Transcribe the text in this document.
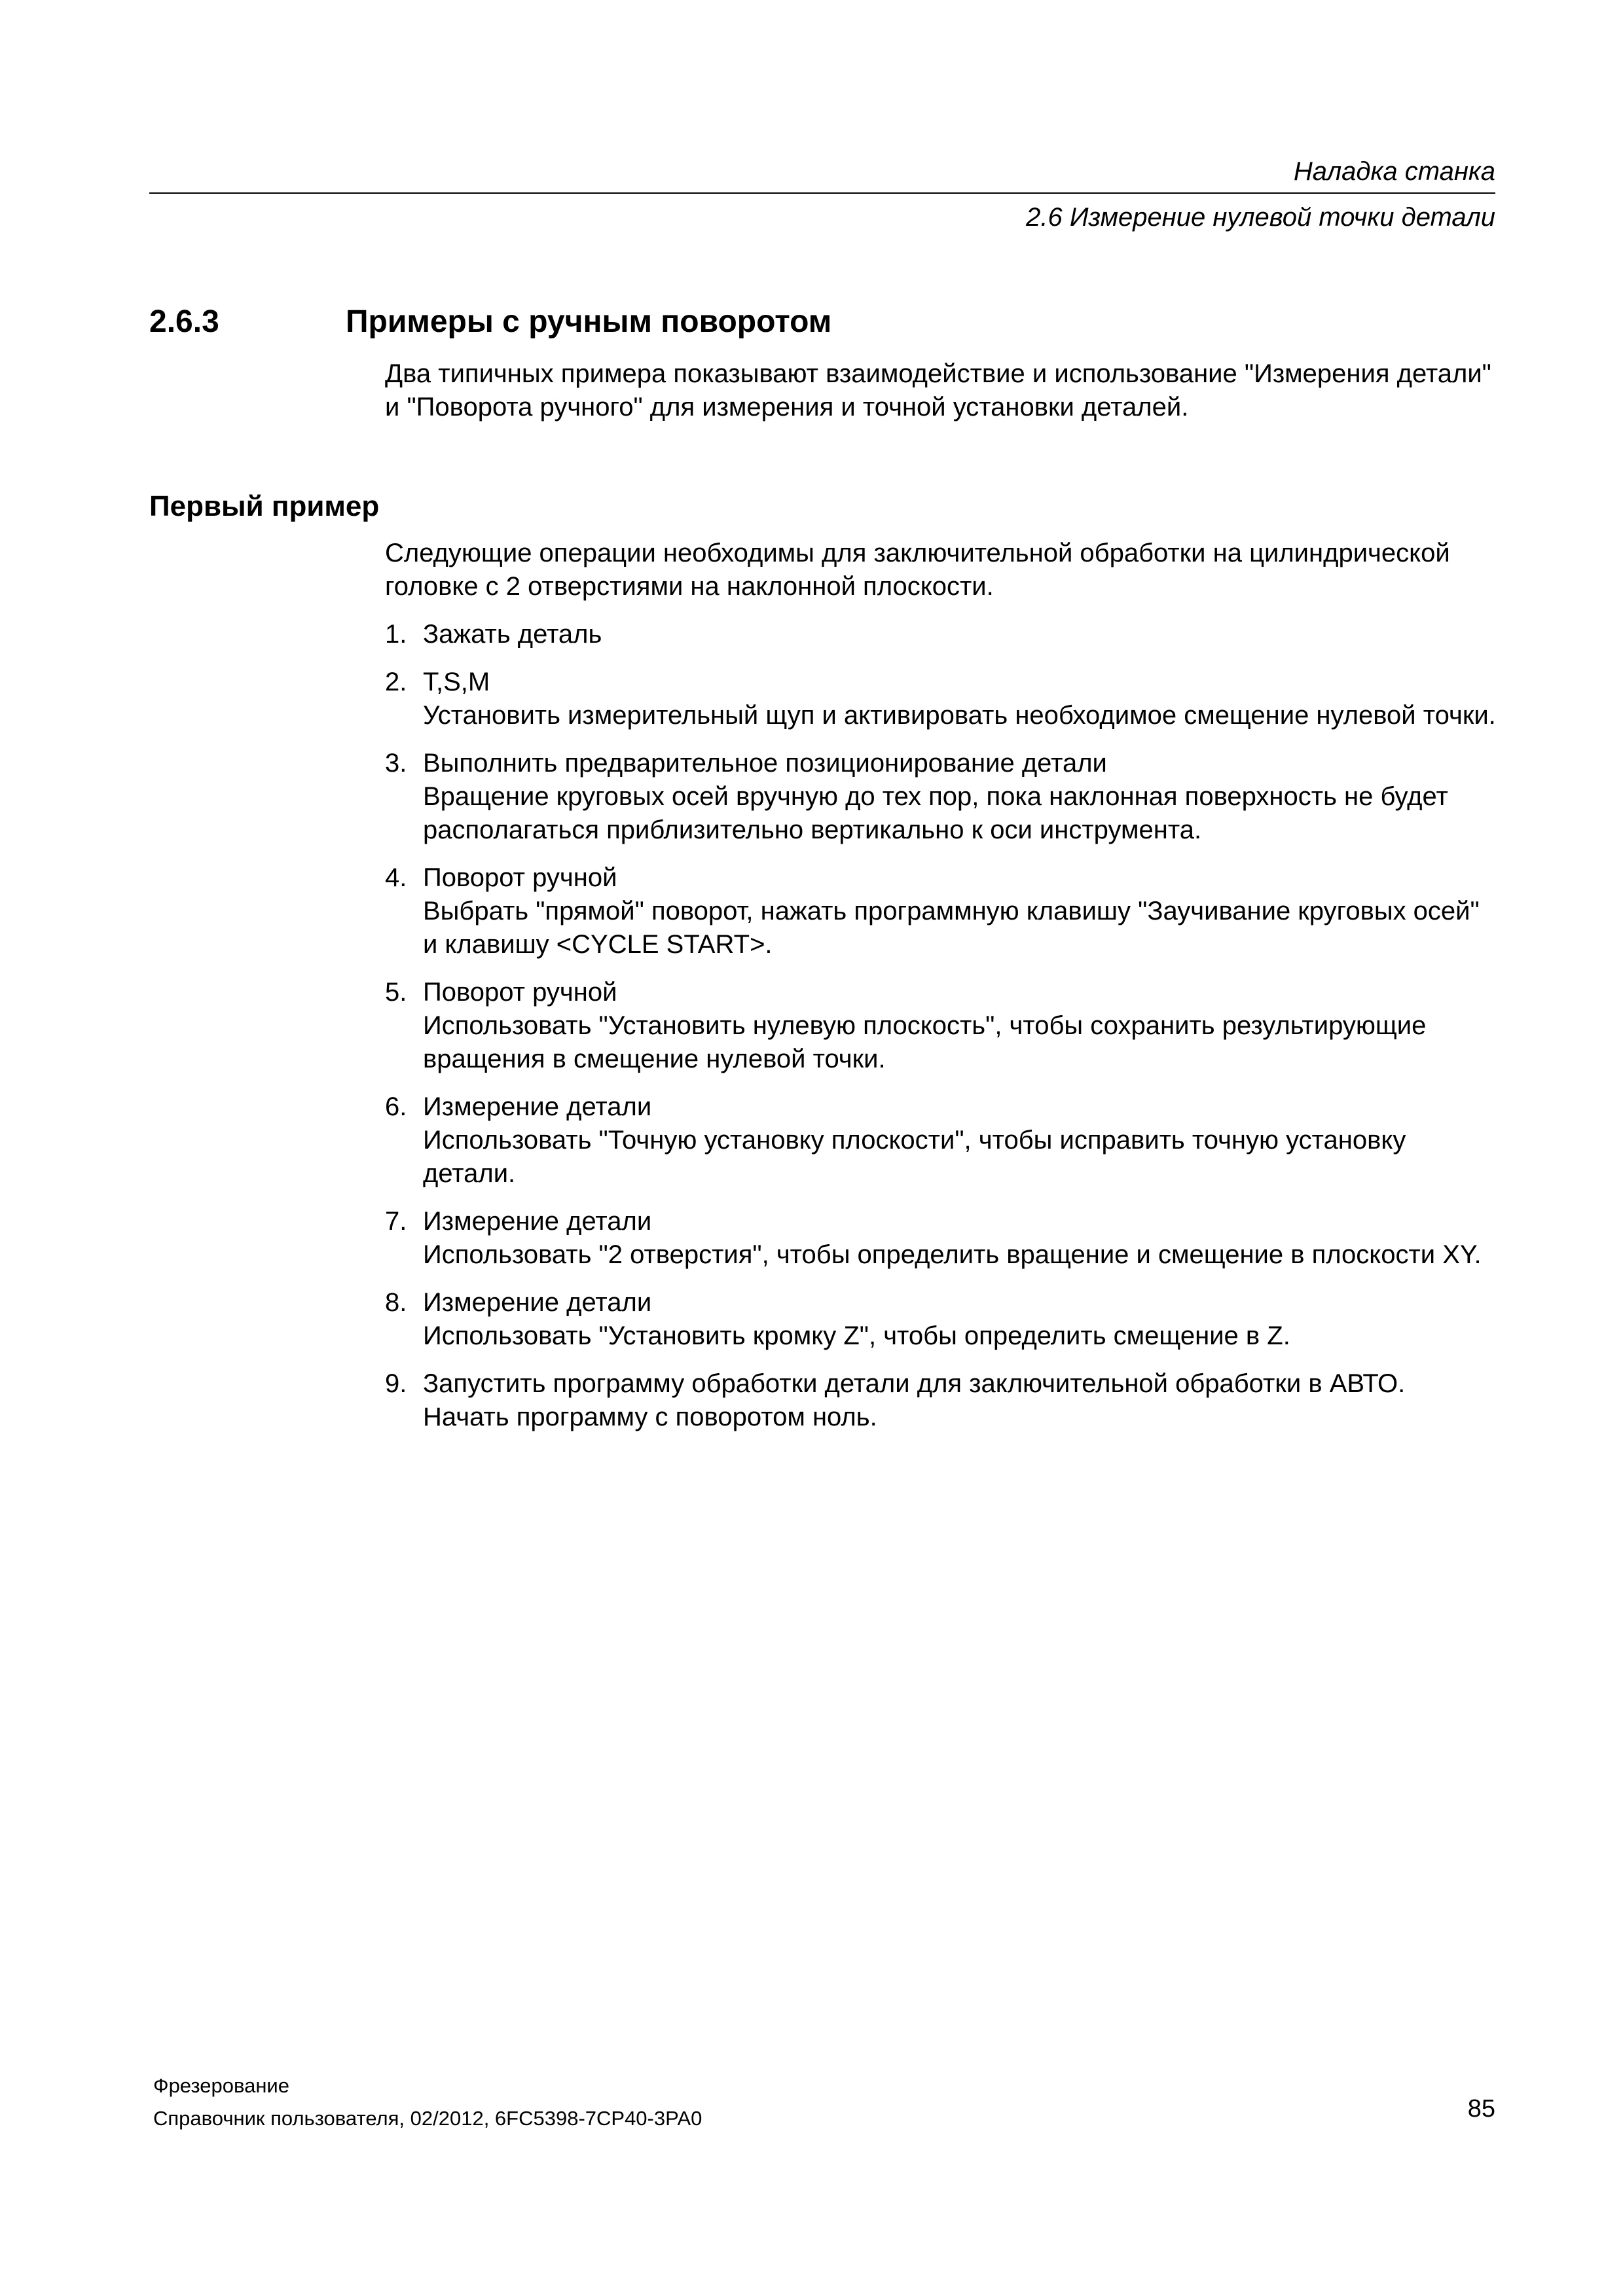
Наладка станка
2.6 Измерение нулевой точки детали
2.6.3	Примеры с ручным поворотом
Два типичных примера показывают взаимодействие и использование "Измерения детали" и "Поворота ручного" для измерения и точной установки деталей.
Первый пример

Следующие операции необходимы для заключительной обработки на цилиндрической головке с 2 отверстиями на наклонной плоскости.

1. Зажать деталь
2. T,S,M

Установить измерительный щуп и активировать необходимое смещение нулевой точки.

3. Выполнить предварительное позиционирование детали

Вращение круговых осей вручную до тех пор, пока наклонная поверхность не будет располагаться приблизительно вертикально к оси инструмента.

4. Поворот ручной

Выбрать "прямой" поворот, нажать программную клавишу "Заучивание круговых осей" и клавишу <CYCLE START>.

5. Поворот ручной

Использовать "Установить нулевую плоскость", чтобы сохранить результирующие вращения в смещение нулевой точки.

6. Измерение детали

Использовать "Точную установку плоскости", чтобы исправить точную установку детали.

7. Измерение детали

Использовать "2 отверстия", чтобы определить вращение и смещение в плоскости XY.

8. Измерение детали

Использовать "Установить кромку Z", чтобы определить смещение в Z.

9. Запустить программу обработки детали для заключительной обработки в АВТО.

Начать программу с поворотом ноль.

Фрезерование
Справочник пользователя, 02/2012, 6FC5398-7CP40-3PA0	85
